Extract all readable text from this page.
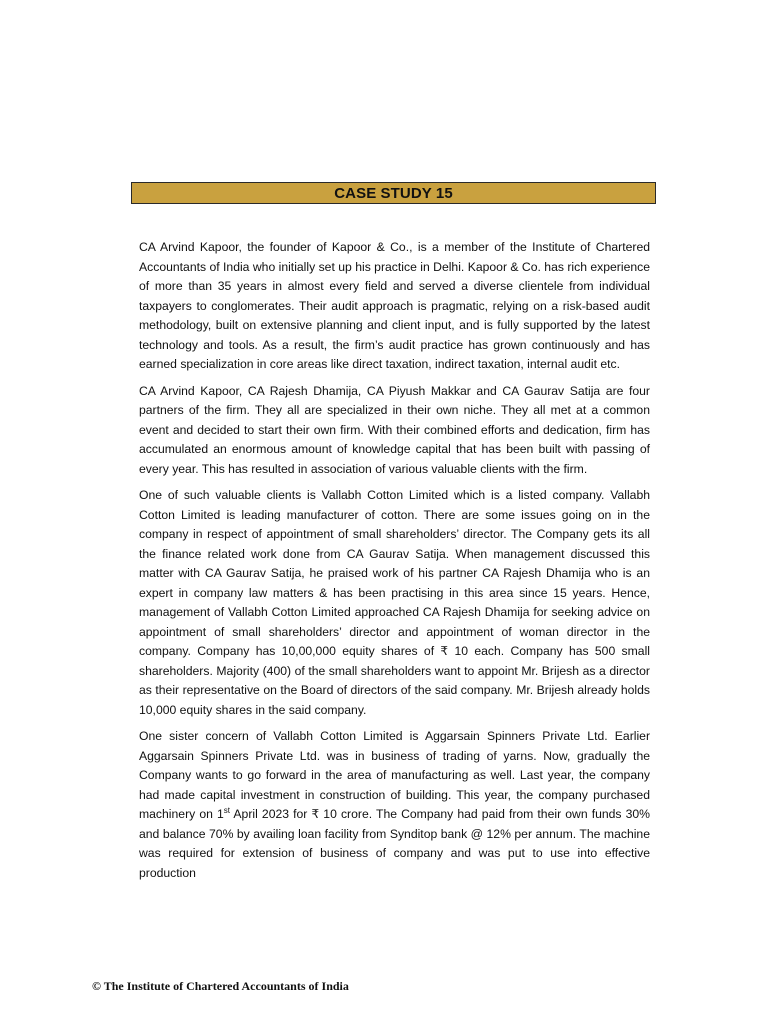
CASE STUDY 15

CA Arvind Kapoor, the founder of Kapoor & Co., is a member of the Institute of Chartered Accountants of India who initially set up his practice in Delhi. Kapoor & Co. has rich experience of more than 35 years in almost every field and served a diverse clientele from individual taxpayers to conglomerates. Their audit approach is pragmatic, relying on a risk-based audit methodology, built on extensive planning and client input, and is fully supported by the latest technology and tools. As a result, the firm’s audit practice has grown continuously and has earned specialization in core areas like direct taxation, indirect taxation, internal audit etc.

CA Arvind Kapoor, CA Rajesh Dhamija, CA Piyush Makkar and CA Gaurav Satija are four partners of the firm. They all are specialized in their own niche. They all met at a common event and decided to start their own firm. With their combined efforts and dedication, firm has accumulated an enormous amount of knowledge capital that has been built with passing of every year. This has resulted in association of various valuable clients with the firm.

One of such valuable clients is Vallabh Cotton Limited which is a listed company. Vallabh Cotton Limited is leading manufacturer of cotton. There are some issues going on in the company in respect of appointment of small shareholders’ director. The Company gets its all the finance related work done from CA Gaurav Satija. When management discussed this matter with CA Gaurav Satija, he praised work of his partner CA Rajesh Dhamija who is an expert in company law matters & has been practising in this area since 15 years. Hence, management of Vallabh Cotton Limited approached CA Rajesh Dhamija for seeking advice on appointment of small shareholders’ director and appointment of woman director in the company. Company has 10,00,000 equity shares of ₹ 10 each. Company has 500 small shareholders. Majority (400) of the small shareholders want to appoint Mr. Brijesh as a director as their representative on the Board of directors of the said company. Mr. Brijesh already holds 10,000 equity shares in the said company.

One sister concern of Vallabh Cotton Limited is Aggarsain Spinners Private Ltd. Earlier Aggarsain Spinners Private Ltd. was in business of trading of yarns. Now, gradually the Company wants to go forward in the area of manufacturing as well. Last year, the company had made capital investment in construction of building. This year, the company purchased machinery on 1st April 2023 for ₹ 10 crore. The Company had paid from their own funds 30% and balance 70% by availing loan facility from Synditop bank @ 12% per annum. The machine was required for extension of business of company and was put to use into effective production

© The Institute of Chartered Accountants of India
